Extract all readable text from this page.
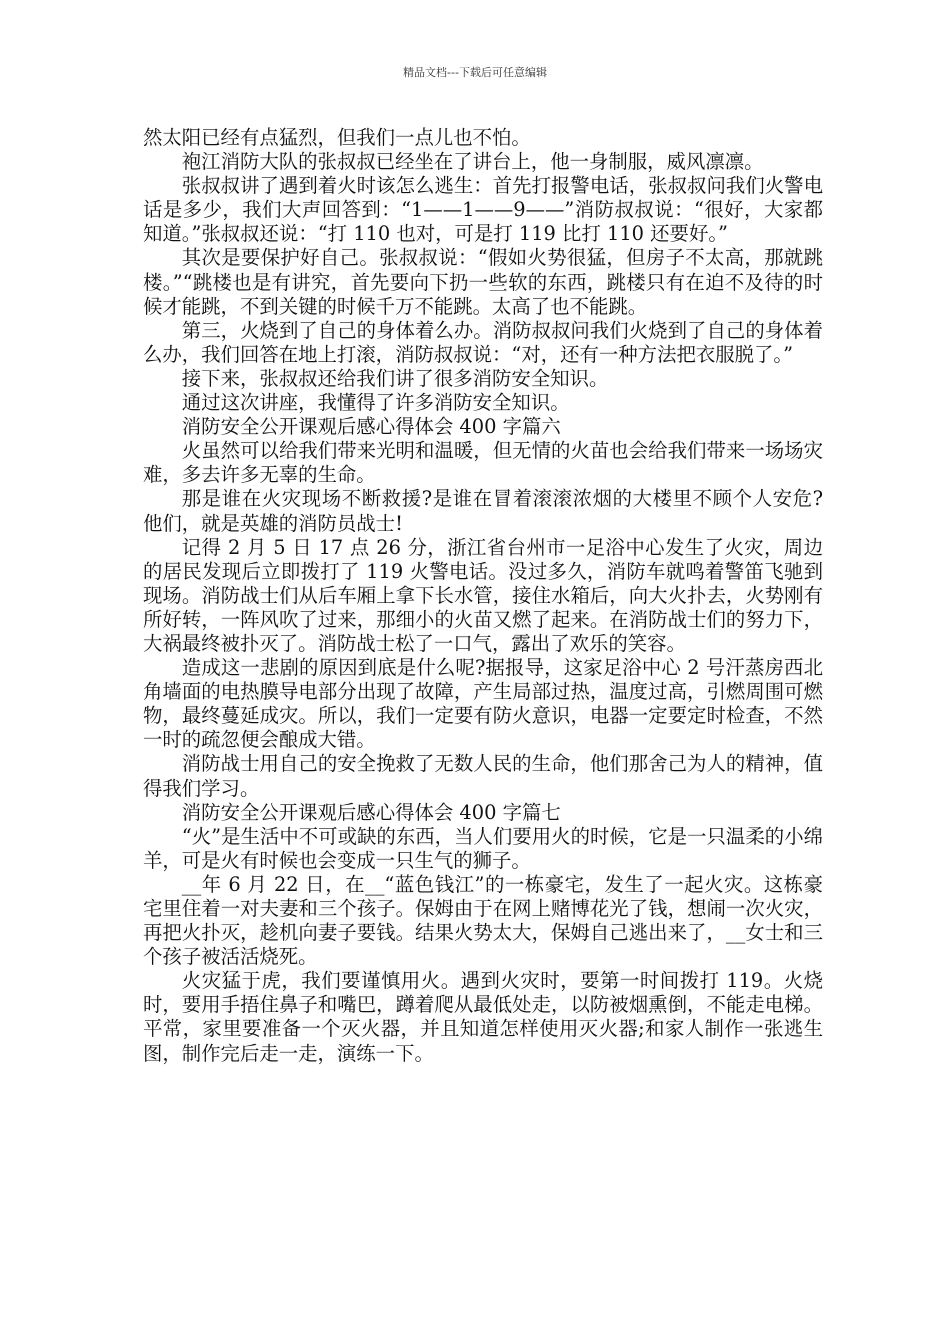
精品文档---下载后可任意编辑

然太阳已经有点猛烈，但我们一点儿也不怕。

袍江消防大队的张叔叔已经坐在了讲台上，他一身制服，威风凛凛。

张叔叔讲了遇到着火时该怎么逃生：首先打报警电话，张叔叔问我们火警电话是多少，我们大声回答到：“1——1——9——”消防叔叔说：“很好，大家都知道。”张叔叔还说：“打 110 也对，可是打 119 比打 110 还要好。”

其次是要保护好自己。张叔叔说：“假如火势很猛，但房子不太高，那就跳楼。”“跳楼也是有讲究，首先要向下扔一些软的东西，跳楼只有在迫不及待的时候才能跳，不到关键的时候千万不能跳。太高了也不能跳。

第三，火烧到了自己的身体着么办。消防叔叔问我们火烧到了自己的身体着么办，我们回答在地上打滚，消防叔叔说：“对，还有一种方法把衣服脱了。”

接下来，张叔叔还给我们讲了很多消防安全知识。

通过这次讲座，我懂得了许多消防安全知识。

消防安全公开课观后感心得体会 400 字篇六

火虽然可以给我们带来光明和温暖，但无情的火苗也会给我们带来一场场灾难，多去许多无辜的生命。

那是谁在火灾现场不断救援?是谁在冒着滚滚浓烟的大楼里不顾个人安危?他们，就是英雄的消防员战士!

记得 2 月 5 日 17 点 26 分，浙江省台州市一足浴中心发生了火灾，周边的居民发现后立即拨打了 119 火警电话。没过多久，消防车就鸣着警笛飞驰到现场。消防战士们从后车厢上拿下长水管，接住水箱后，向大火扑去，火势刚有所好转，一阵风吹了过来，那细小的火苗又燃了起来。在消防战士们的努力下，大祸最终被扑灭了。消防战士松了一口气，露出了欢乐的笑容。

造成这一悲剧的原因到底是什么呢?据报导，这家足浴中心 2 号汗蒸房西北角墙面的电热膜导电部分出现了故障，产生局部过热，温度过高，引燃周围可燃物，最终蔓延成灾。所以，我们一定要有防火意识，电器一定要定时检查，不然一时的疏忽便会酿成大错。

消防战士用自己的安全挽救了无数人民的生命，他们那舍己为人的精神，值得我们学习。

消防安全公开课观后感心得体会 400 字篇七

“火”是生活中不可或缺的东西，当人们要用火的时候，它是一只温柔的小绵羊，可是火有时候也会变成一只生气的狮子。

__年 6 月 22 日，在__“蓝色钱江”的一栋豪宅，发生了一起火灾。这栋豪宅里住着一对夫妻和三个孩子。保姆由于在网上赌博花光了钱，想闹一次火灾，再把火扑灭，趁机向妻子要钱。结果火势太大，保姆自己逃出来了，__女士和三个孩子被活活烧死。

火灾猛于虎，我们要谨慎用火。遇到火灾时，要第一时间拨打 119。火烧时，要用手捂住鼻子和嘴巴，蹲着爬从最低处走，以防被烟熏倒，不能走电梯。平常，家里要准备一个灭火器，并且知道怎样使用灭火器;和家人制作一张逃生图，制作完后走一走，演练一下。
